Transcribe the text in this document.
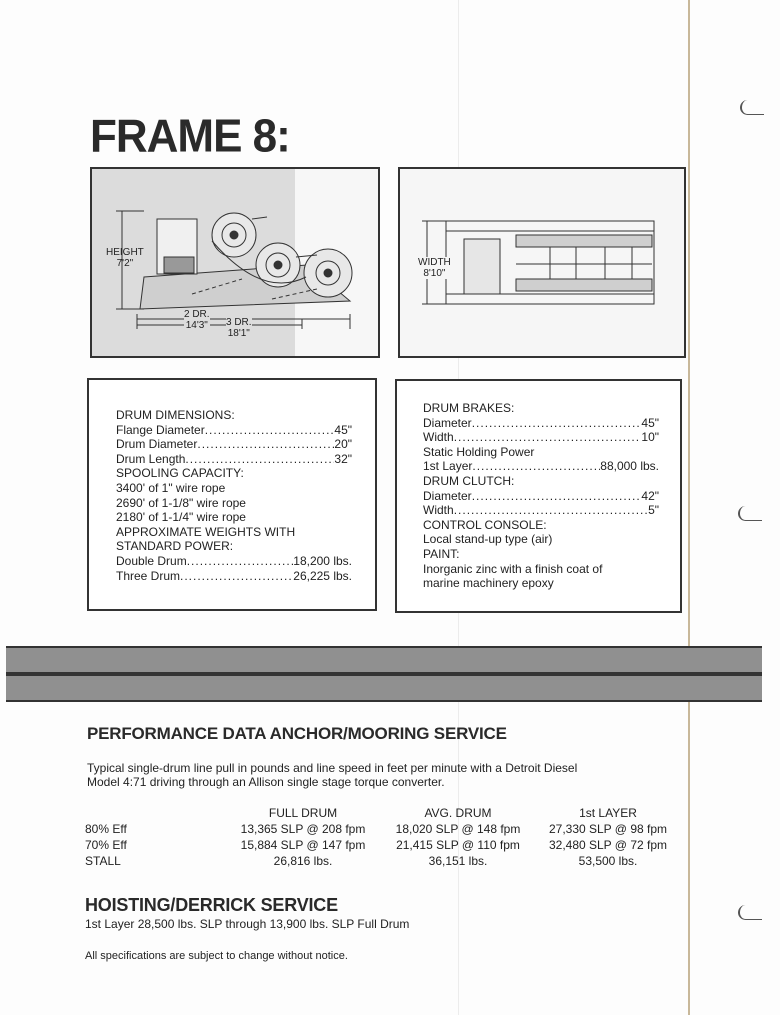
FRAME 8:
HEIGHT
7'2"
2 DR.
14'3" 3 DR.
18'1"
WIDTH
8'10"
DRUM DIMENSIONS:
Flange Diameter .....	45"
Drum Diameter .....	20"
Drum Length .....	32"
SPOOLING CAPACITY:
3400' of 1" wire rope
2690' of 1-1/8" wire rope
2180' of 1-1/4" wire rope
APPROXIMATE WEIGHTS WITH
STANDARD POWER:
Double Drum .....	18,200 lbs.
Three Drum .....	26,225 lbs.
DRUM BRAKES:
Diameter .....	45"
Width .....	10"
Static Holding Power
1st Layer .....	88,000 lbs.
DRUM CLUTCH:
Diameter .....	42"
Width .....	5"
CONTROL CONSOLE:
Local stand-up type (air)
PAINT:
Inorganic zinc with a finish coat of
marine machinery epoxy
PERFORMANCE DATA ANCHOR/MOORING SERVICE
Typical single-drum line pull in pounds and line speed in feet per minute with a Detroit Diesel
Model 4:71 driving through an Allison single stage torque converter.
	FULL DRUM	AVG. DRUM	1st LAYER
80% Eff	13,365 SLP @ 208 fpm	18,020 SLP @ 148 fpm	27,330 SLP @ 98 fpm
70% Eff	15,884 SLP @ 147 fpm	21,415 SLP @ 110 fpm	32,480 SLP @ 72 fpm
STALL	26,816 lbs.	36,151 lbs.	53,500 lbs.
HOISTING/DERRICK SERVICE
1st Layer 28,500 lbs. SLP through 13,900 lbs. SLP Full Drum
All specifications are subject to change without notice.
